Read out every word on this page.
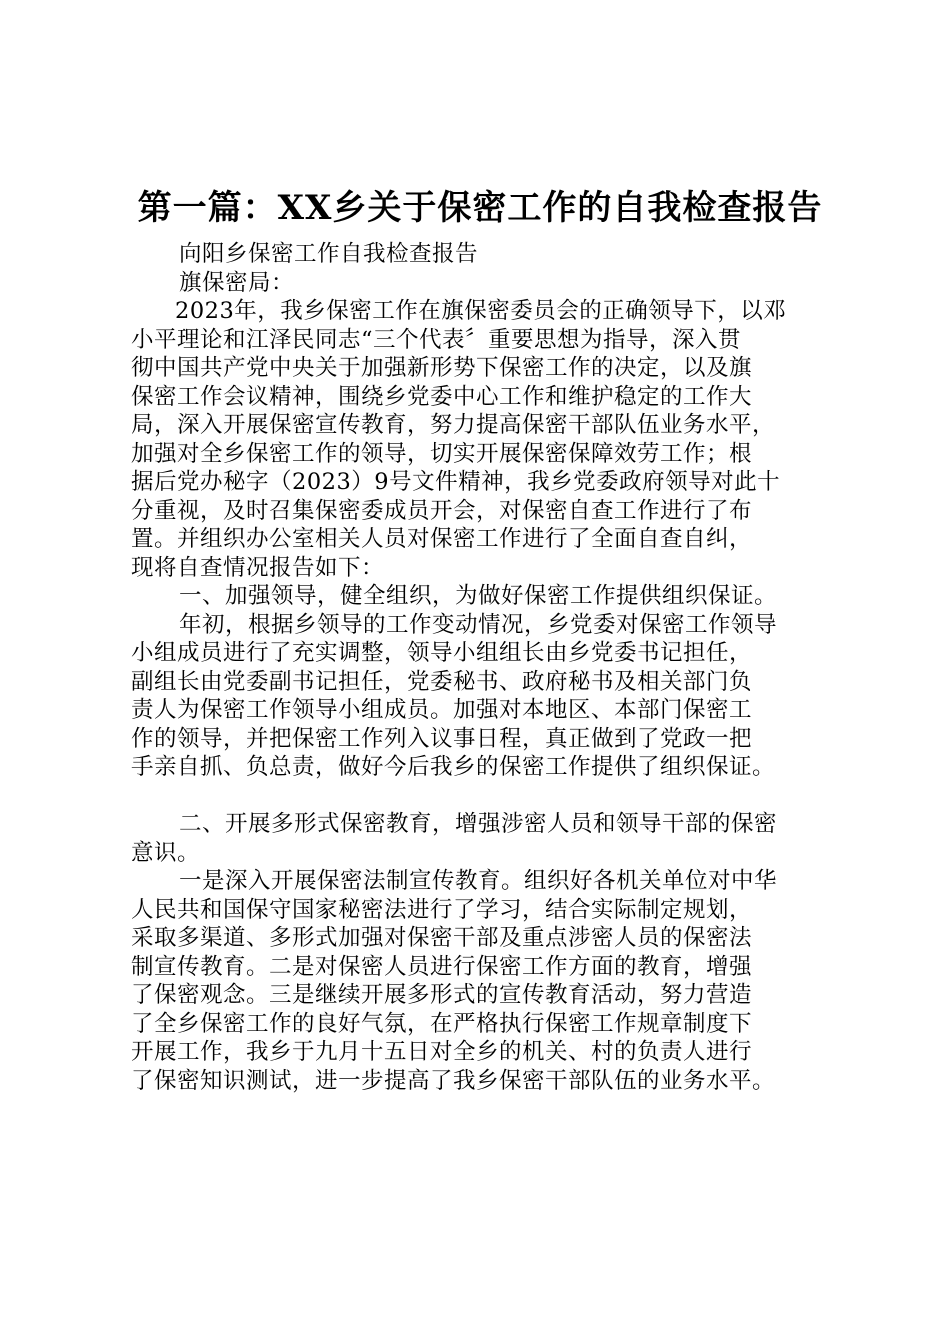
第一篇：XX乡关于保密工作的自我检查报告
向阳乡保密工作自我检查报告
旗保密局：
2023年，我乡保密工作在旗保密委员会的正确领导下，以邓
小平理论和江泽民同志“三个代表〞重要思想为指导，深入贯
彻中国共产党中央关于加强新形势下保密工作的决定，以及旗
保密工作会议精神，围绕乡党委中心工作和维护稳定的工作大
局，深入开展保密宣传教育，努力提高保密干部队伍业务水平，
加强对全乡保密工作的领导，切实开展保密保障效劳工作；根
据后党办秘字（2023）9号文件精神，我乡党委政府领导对此十
分重视，及时召集保密委成员开会，对保密自查工作进行了布
置。并组织办公室相关人员对保密工作进行了全面自查自纠，
现将自查情况报告如下：
一、加强领导，健全组织，为做好保密工作提供组织保证。
年初，根据乡领导的工作变动情况，乡党委对保密工作领导
小组成员进行了充实调整，领导小组组长由乡党委书记担任，
副组长由党委副书记担任，党委秘书、政府秘书及相关部门负
责人为保密工作领导小组成员。加强对本地区、本部门保密工
作的领导，并把保密工作列入议事日程，真正做到了党政一把
手亲自抓、负总责，做好今后我乡的保密工作提供了组织保证。
二、开展多形式保密教育，增强涉密人员和领导干部的保密
意识。
一是深入开展保密法制宣传教育。组织好各机关单位对中华
人民共和国保守国家秘密法进行了学习，结合实际制定规划，
采取多渠道、多形式加强对保密干部及重点涉密人员的保密法
制宣传教育。二是对保密人员进行保密工作方面的教育，增强
了保密观念。三是继续开展多形式的宣传教育活动，努力营造
了全乡保密工作的良好气氛，在严格执行保密工作规章制度下
开展工作，我乡于九月十五日对全乡的机关、村的负责人进行
了保密知识测试，进一步提高了我乡保密干部队伍的业务水平。
